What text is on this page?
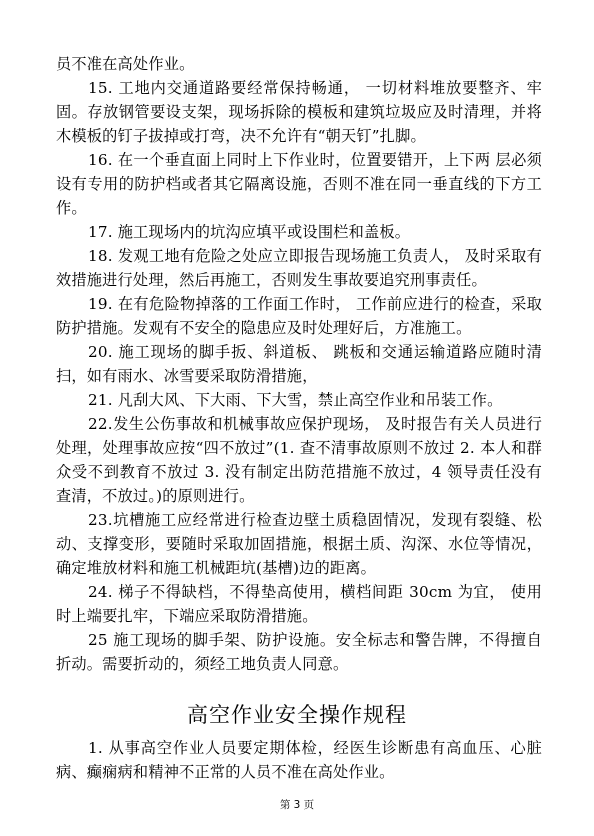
员不准在高处作业。

15. 工地内交通道路要经常保持畅通， 一切材料堆放要整齐、牢固。存放钢管要设支架，现场拆除的模板和建筑垃圾应及时清理，并将木模板的钉子拔掉或打弯，决不允许有“朝天钉”扎脚。

16. 在一个垂直面上同时上下作业时，位置要错开，上下两 层必须设有专用的防护档或者其它隔离设施，否则不准在同一垂直线的下方工作。

17. 施工现场内的坑沟应填平或设围栏和盖板。

18. 发观工地有危险之处应立即报告现场施工负责人， 及时采取有效措施进行处理，然后再施工，否则发生事故要追究刑事责任。

19. 在有危险物掉落的工作面工作时， 工作前应进行的检查，采取防护措施。发观有不安全的隐患应及时处理好后，方准施工。

20. 施工现场的脚手扳、斜道板、 跳板和交通运输道路应随时清扫，如有雨水、冰雪要采取防滑措施，

21. 凡刮大风、下大雨、下大雪，禁止高空作业和吊装工作。

22.发生公伤事故和机械事故应保护现场， 及时报告有关人员进行处理，处理事故应按“四不放过”(1. 查不清事故原则不放过 2. 本人和群众受不到教育不放过 3. 没有制定出防范措施不放过，4 领导责任没有查清，不放过。)的原则进行。

23.坑槽施工应经常进行检查边壁土质稳固情况，发现有裂缝、松动、支撑变形，要随时采取加固措施，根据土质、沟深、水位等情况，确定堆放材料和施工机械距坑(基槽)边的距离。

24. 梯子不得缺档，不得垫高使用，横档间距 30cm 为宜， 使用时上端要扎牢，下端应采取防滑措施。

25 施工现场的脚手架、防护设施。安全标志和警告牌，不得擅自折动。需要折动的，须经工地负责人同意。

高空作业安全操作规程

1. 从事高空作业人员要定期体检，经医生诊断患有高血压、心脏病、癫痫病和精神不正常的人员不准在高处作业。

第 3 页
